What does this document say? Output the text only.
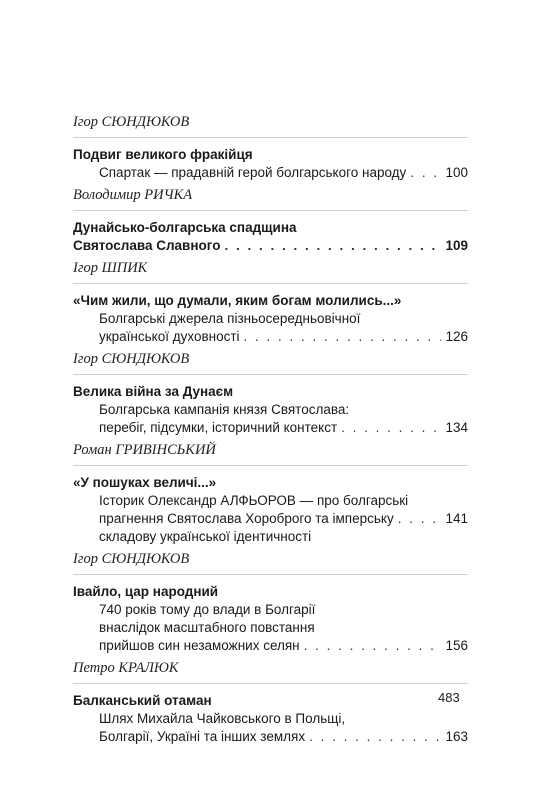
Ігор СЮНДЮКОВ
Подвиг великого фракійця
Спартак — прадавній герой болгарського народу . . .	100
Володимир РИЧКА
Дунайсько-болгарська спадщина
Святослава Славного . . .	109
Ігор ШПИК
«Чим жили, що думали, яким богам молились...»
Болгарські джерела пізньосередньовічної
української духовності . . .	126
Ігор СЮНДЮКОВ
Велика війна за Дунаєм
Болгарська кампанія князя Святослава:
перебіг, підсумки, історичний контекст . . .	134
Роман ГРИВІНСЬКИЙ
«У пошуках величі...»
Історик Олександр АЛФЬОРОВ — про болгарські
прагнення Святослава Хороброго та імперську . . .	141
складову української ідентичності
Ігор СЮНДЮКОВ
Івайло, цар народний
740 років тому до влади в Болгарії
внаслідок масштабного повстання
прийшов син незаможних селян . . .	156
Петро КРАЛЮК
Балканський отаман
Шлях Михайла Чайковського в Польщі,
Болгарії, Україні та інших землях . . .	163
483
